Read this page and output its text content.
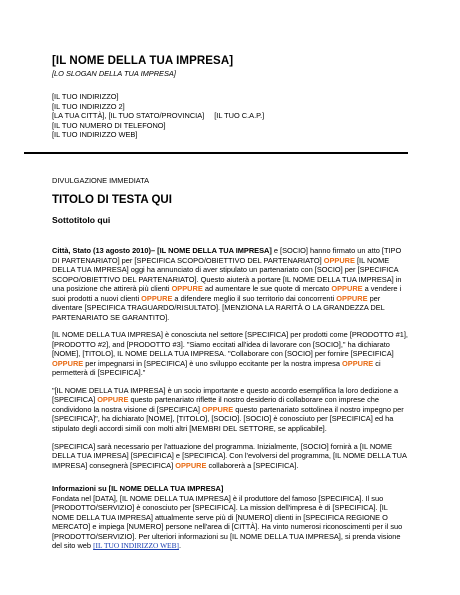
[IL NOME DELLA TUA IMPRESA]
[LO SLOGAN DELLA TUA IMPRESA]
[IL TUO INDIRIZZO]
[IL TUO INDIRIZZO 2]
[LA TUA CITTÀ], [IL TUO STATO/PROVINCIA] [IL TUO C.A.P.]
[IL TUO NUMERO DI TELEFONO]
[IL TUO INDIRIZZO WEB]
DIVULGAZIONE IMMEDIATA
TITOLO DI TESTA QUI
Sottotitolo qui

Città, Stato (13 agosto 2010)– [IL NOME DELLA TUA IMPRESA] e [SOCIO] hanno firmato un atto [TIPO DI PARTENARIATO] per [SPECIFICA SCOPO/OBIETTIVO DEL PARTENARIATO] OPPURE [IL NOME DELLA TUA IMPRESA] oggi ha annunciato di aver stipulato un partenariato con [SOCIO] per [SPECIFICA SCOPO/OBIETTIVO DEL PARTENARIATO]. Questo aiuterà a portare [IL NOME DELLA TUA IMPRESA] in una posizione che attirerà più clienti OPPURE ad aumentare le sue quote di mercato OPPURE a vendere i suoi prodotti a nuovi clienti OPPURE a difendere meglio il suo territorio dai concorrenti OPPURE per diventare [SPECIFICA TRAGUARDO/RISULTATO]. [MENZIONA LA RARITÀ O LA GRANDEZZA DEL PARTENARIATO SE GARANTITO].

[IL NOME DELLA TUA IMPRESA] è conosciuta nel settore [SPECIFICA] per prodotti come [PRODOTTO #1], [PRODOTTO #2], and [PRODOTTO #3]. "Siamo eccitati all'idea di lavorare con [SOCIO]," ha dichiarato [NOME], [TITOLO], IL NOME DELLA TUA IMPRESA. "Collaborare con [SOCIO] per fornire [SPECIFICA] OPPURE per impegnarsi in [SPECIFICA] è uno sviluppo eccitante per la nostra impresa OPPURE ci permetterà di [SPECIFICA]."

"[IL NOME DELLA TUA IMPRESA] è un socio importante e questo accordo esemplifica la loro dedizione a [SPECIFICA] OPPURE questo partenariato riflette il nostro desiderio di collaborare con imprese che condividono la nostra visione di [SPECIFICA] OPPURE questo partenariato sottolinea il nostro impegno per [SPECIFICA]", ha dichiarato [NOME], [TITOLO], [SOCIO]. [SOCIO] è conosciuto per [SPECIFICA] ed ha stipulato degli accordi simili con molti altri [MEMBRI DEL SETTORE, se applicabile].

[SPECIFICA] sarà necessario per l'attuazione del programma. Inizialmente, [SOCIO] fornirà a [IL NOME DELLA TUA IMPRESA] [SPECIFICA] e [SPECIFICA]. Con l'evolversi del programma, [IL NOME DELLA TUA IMPRESA] consegnerà [SPECIFICA] OPPURE collaborerà a [SPECIFICA].

Informazioni su [IL NOME DELLA TUA IMPRESA]

Fondata nel [DATA], [IL NOME DELLA TUA IMPRESA] è il produttore del famoso [SPECIFICA]. Il suo [PRODOTTO/SERVIZIO] è conosciuto per [SPECIFICA]. La mission dell'impresa è di [SPECIFICA]. [IL NOME DELLA TUA IMPRESA] attualmente serve più di [NUMERO] clienti in [SPECIFICA REGIONE O MERCATO] e impiega [NUMERO] persone nell'area di [CITTÀ]. Ha vinto numerosi riconoscimenti per il suo [PRODOTTO/SERVIZIO]. Per ulteriori informazioni su [IL NOME DELLA TUA IMPRESA], si prenda visione del sito web [IL TUO INDIRIZZO WEB].
